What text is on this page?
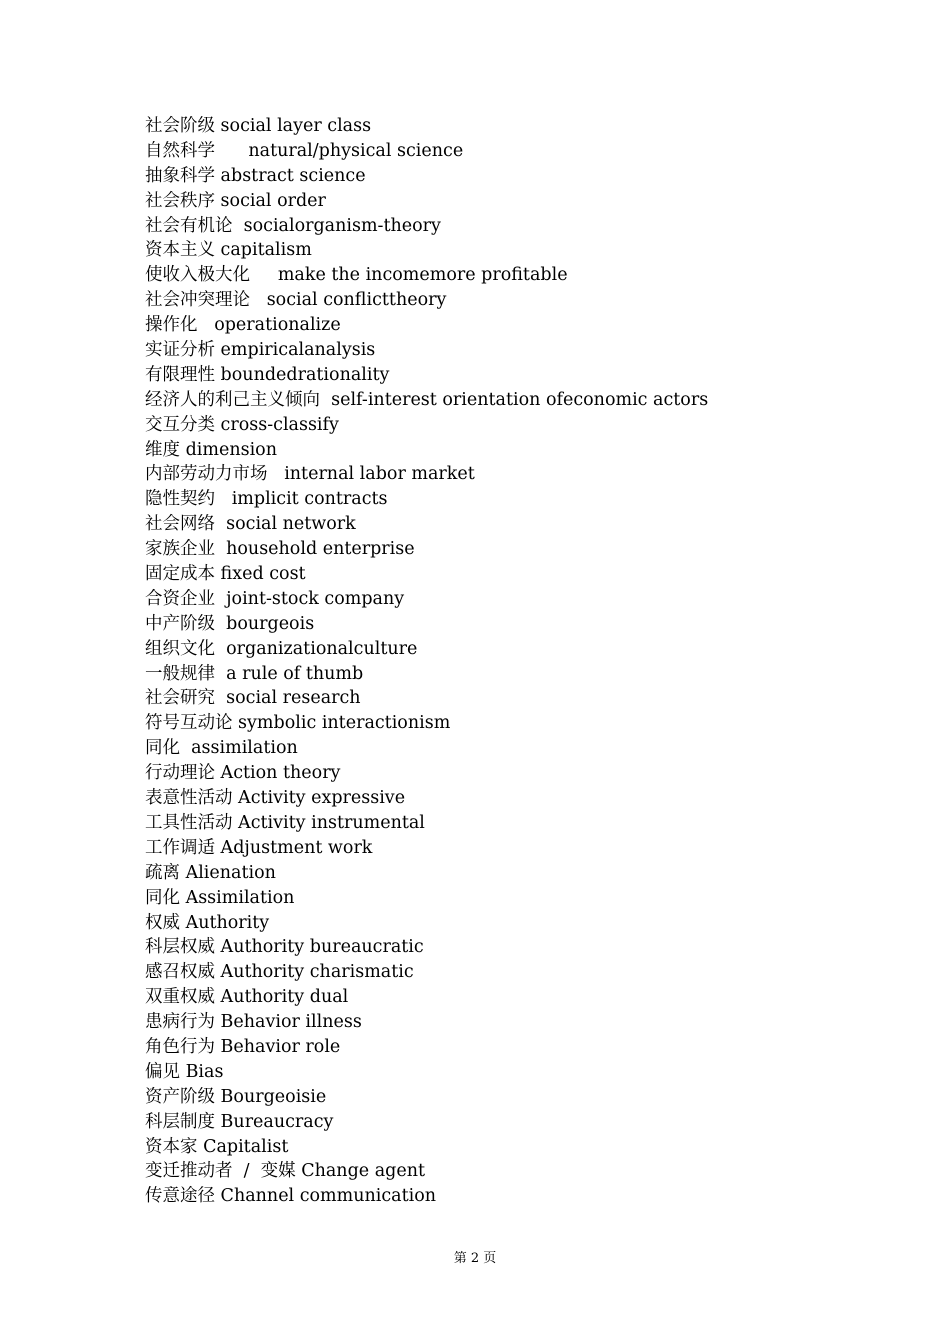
社会阶级 social layer class
自然科学      natural/physical science
抽象科学 abstract science
社会秩序 social order
社会有机论  socialorganism-theory
资本主义 capitalism
使收入极大化     make the incomemore profitable
社会冲突理论   social conflicttheory
操作化   operationalize
实证分析 empiricalanalysis
有限理性 boundedrationality
经济人的利己主义倾向  self-interest orientation ofeconomic actors
交互分类 cross-classify
维度 dimension
内部劳动力市场   internal labor market
隐性契约   implicit contracts
社会网络  social network
家族企业  household enterprise
固定成本 fixed cost
合资企业  joint-stock company
中产阶级  bourgeois
组织文化  organizationalculture
一般规律  a rule of thumb
社会研究  social research
符号互动论 symbolic interactionism
同化  assimilation
行动理论 Action theory
表意性活动 Activity expressive
工具性活动 Activity instrumental
工作调适 Adjustment work
疏离 Alienation
同化 Assimilation
权威 Authority
科层权威 Authority bureaucratic
感召权威 Authority charismatic
双重权威 Authority dual
患病行为 Behavior illness
角色行为 Behavior role
偏见 Bias
资产阶级 Bourgeoisie
科层制度 Bureaucracy
资本家 Capitalist
变迁推动者  /  变媒 Change agent
传意途径 Channel communication
第 2 页
